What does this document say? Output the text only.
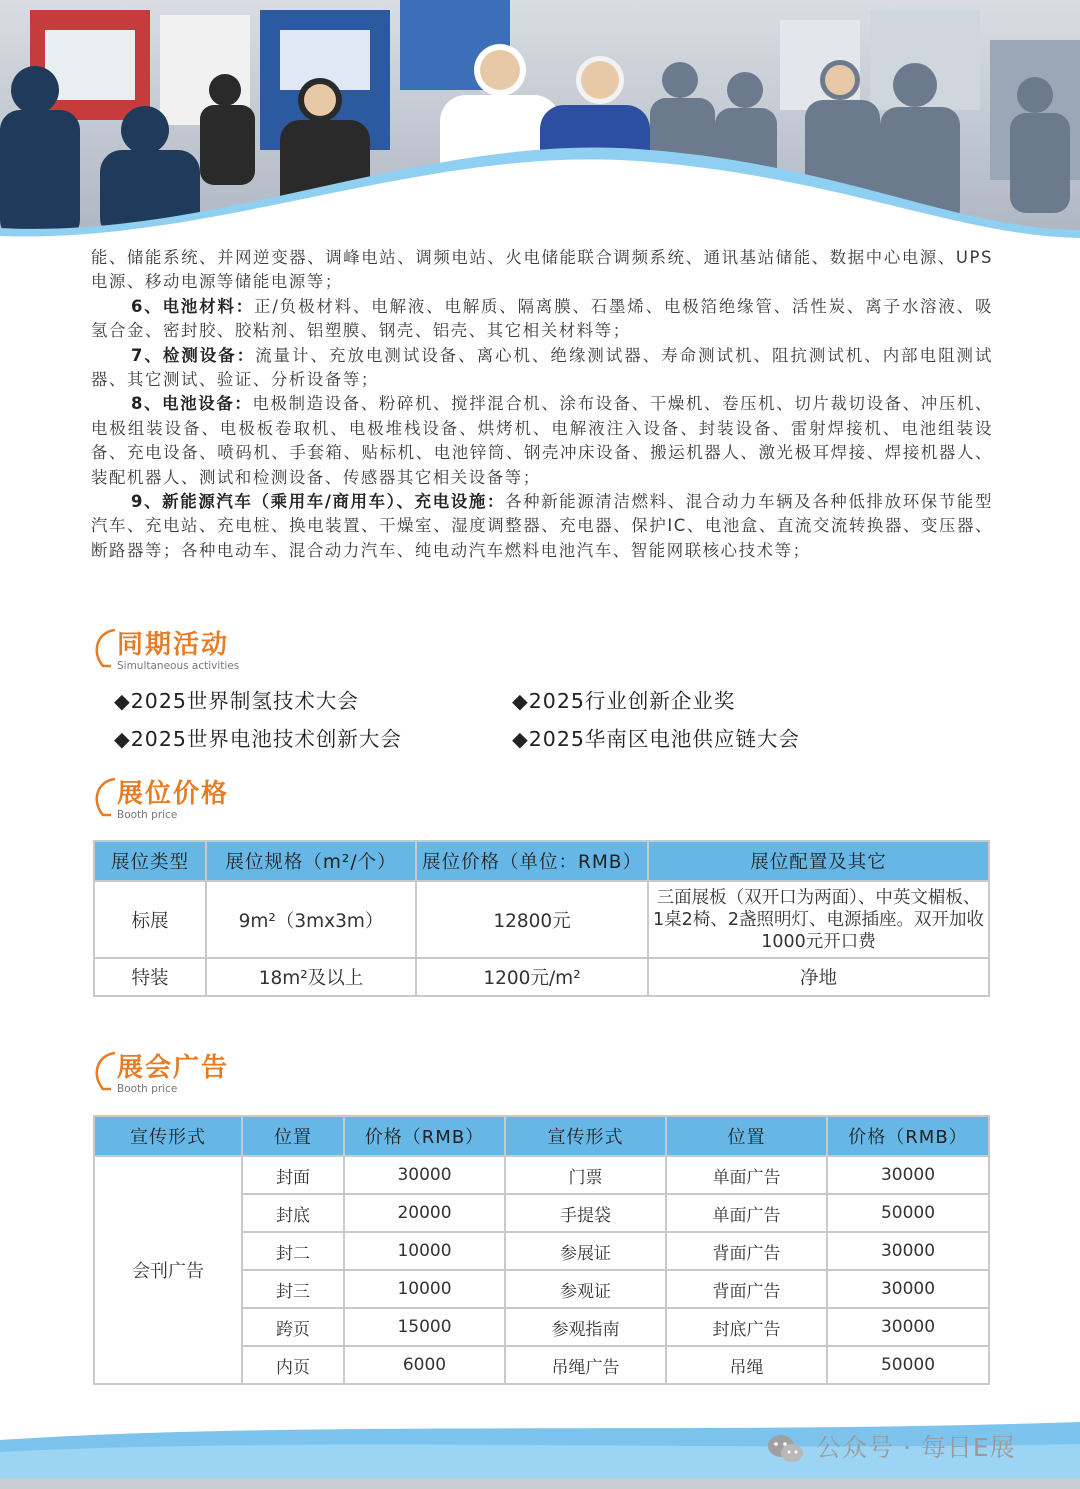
能、储能系统、并网逆变器、调峰电站、调频电站、火电储能联合调频系统、通讯基站储能、数据中心电源、UPS电源、移动电源等储能电源等；

6、电池材料：正/负极材料、电解液、电解质、隔离膜、石墨烯、电极箔绝缘管、活性炭、离子水溶液、吸氢合金、密封胶、胶粘剂、铝塑膜、钢壳、铝壳、其它相关材料等；

7、检测设备：流量计、充放电测试设备、离心机、绝缘测试器、寿命测试机、阻抗测试机、内部电阻测试器、其它测试、验证、分析设备等；

8、电池设备：电极制造设备、粉碎机、搅拌混合机、涂布设备、干燥机、卷压机、切片裁切设备、冲压机、电极组装设备、电极板卷取机、电极堆栈设备、烘烤机、电解液注入设备、封装设备、雷射焊接机、电池组装设备、充电设备、喷码机、手套箱、贴标机、电池锌筒、钢壳冲床设备、搬运机器人、激光极耳焊接、焊接机器人、装配机器人、测试和检测设备、传感器其它相关设备等；

9、新能源汽车（乘用车/商用车）、充电设施：各种新能源清洁燃料、混合动力车辆及各种低排放环保节能型汽车、充电站、充电桩、换电装置、干燥室、湿度调整器、充电器、保护IC、电池盒、直流交流转换器、变压器、断路器等；各种电动车、混合动力汽车、纯电动汽车燃料电池汽车、智能网联核心技术等；

同期活动
Simultaneous activities
◆2025世界制氢技术大会	◆2025行业创新企业奖
◆2025世界电池技术创新大会	◆2025华南区电池供应链大会
展位价格
Booth price
展位类型	展位规格（m²/个）	展位价格（单位：RMB）	展位配置及其它
标展	9m²（3mx3m）	12800元	三面展板（双开口为两面）、中英文楣板、1桌2椅、2盏照明灯、电源插座。双开加收1000元开口费
特装	18m²及以上	1200元/m²	净地
展会广告
Booth price
宣传形式	位置	价格（RMB）	宣传形式	位置	价格（RMB）
会刊广告	封面	30000	门票	单面广告	30000
	封底	20000	手提袋	单面广告	50000
	封二	10000	参展证	背面广告	30000
	封三	10000	参观证	背面广告	30000
	跨页	15000	参观指南	封底广告	30000
	内页	6000	吊绳广告	吊绳	50000
公众号 · 每日E展
